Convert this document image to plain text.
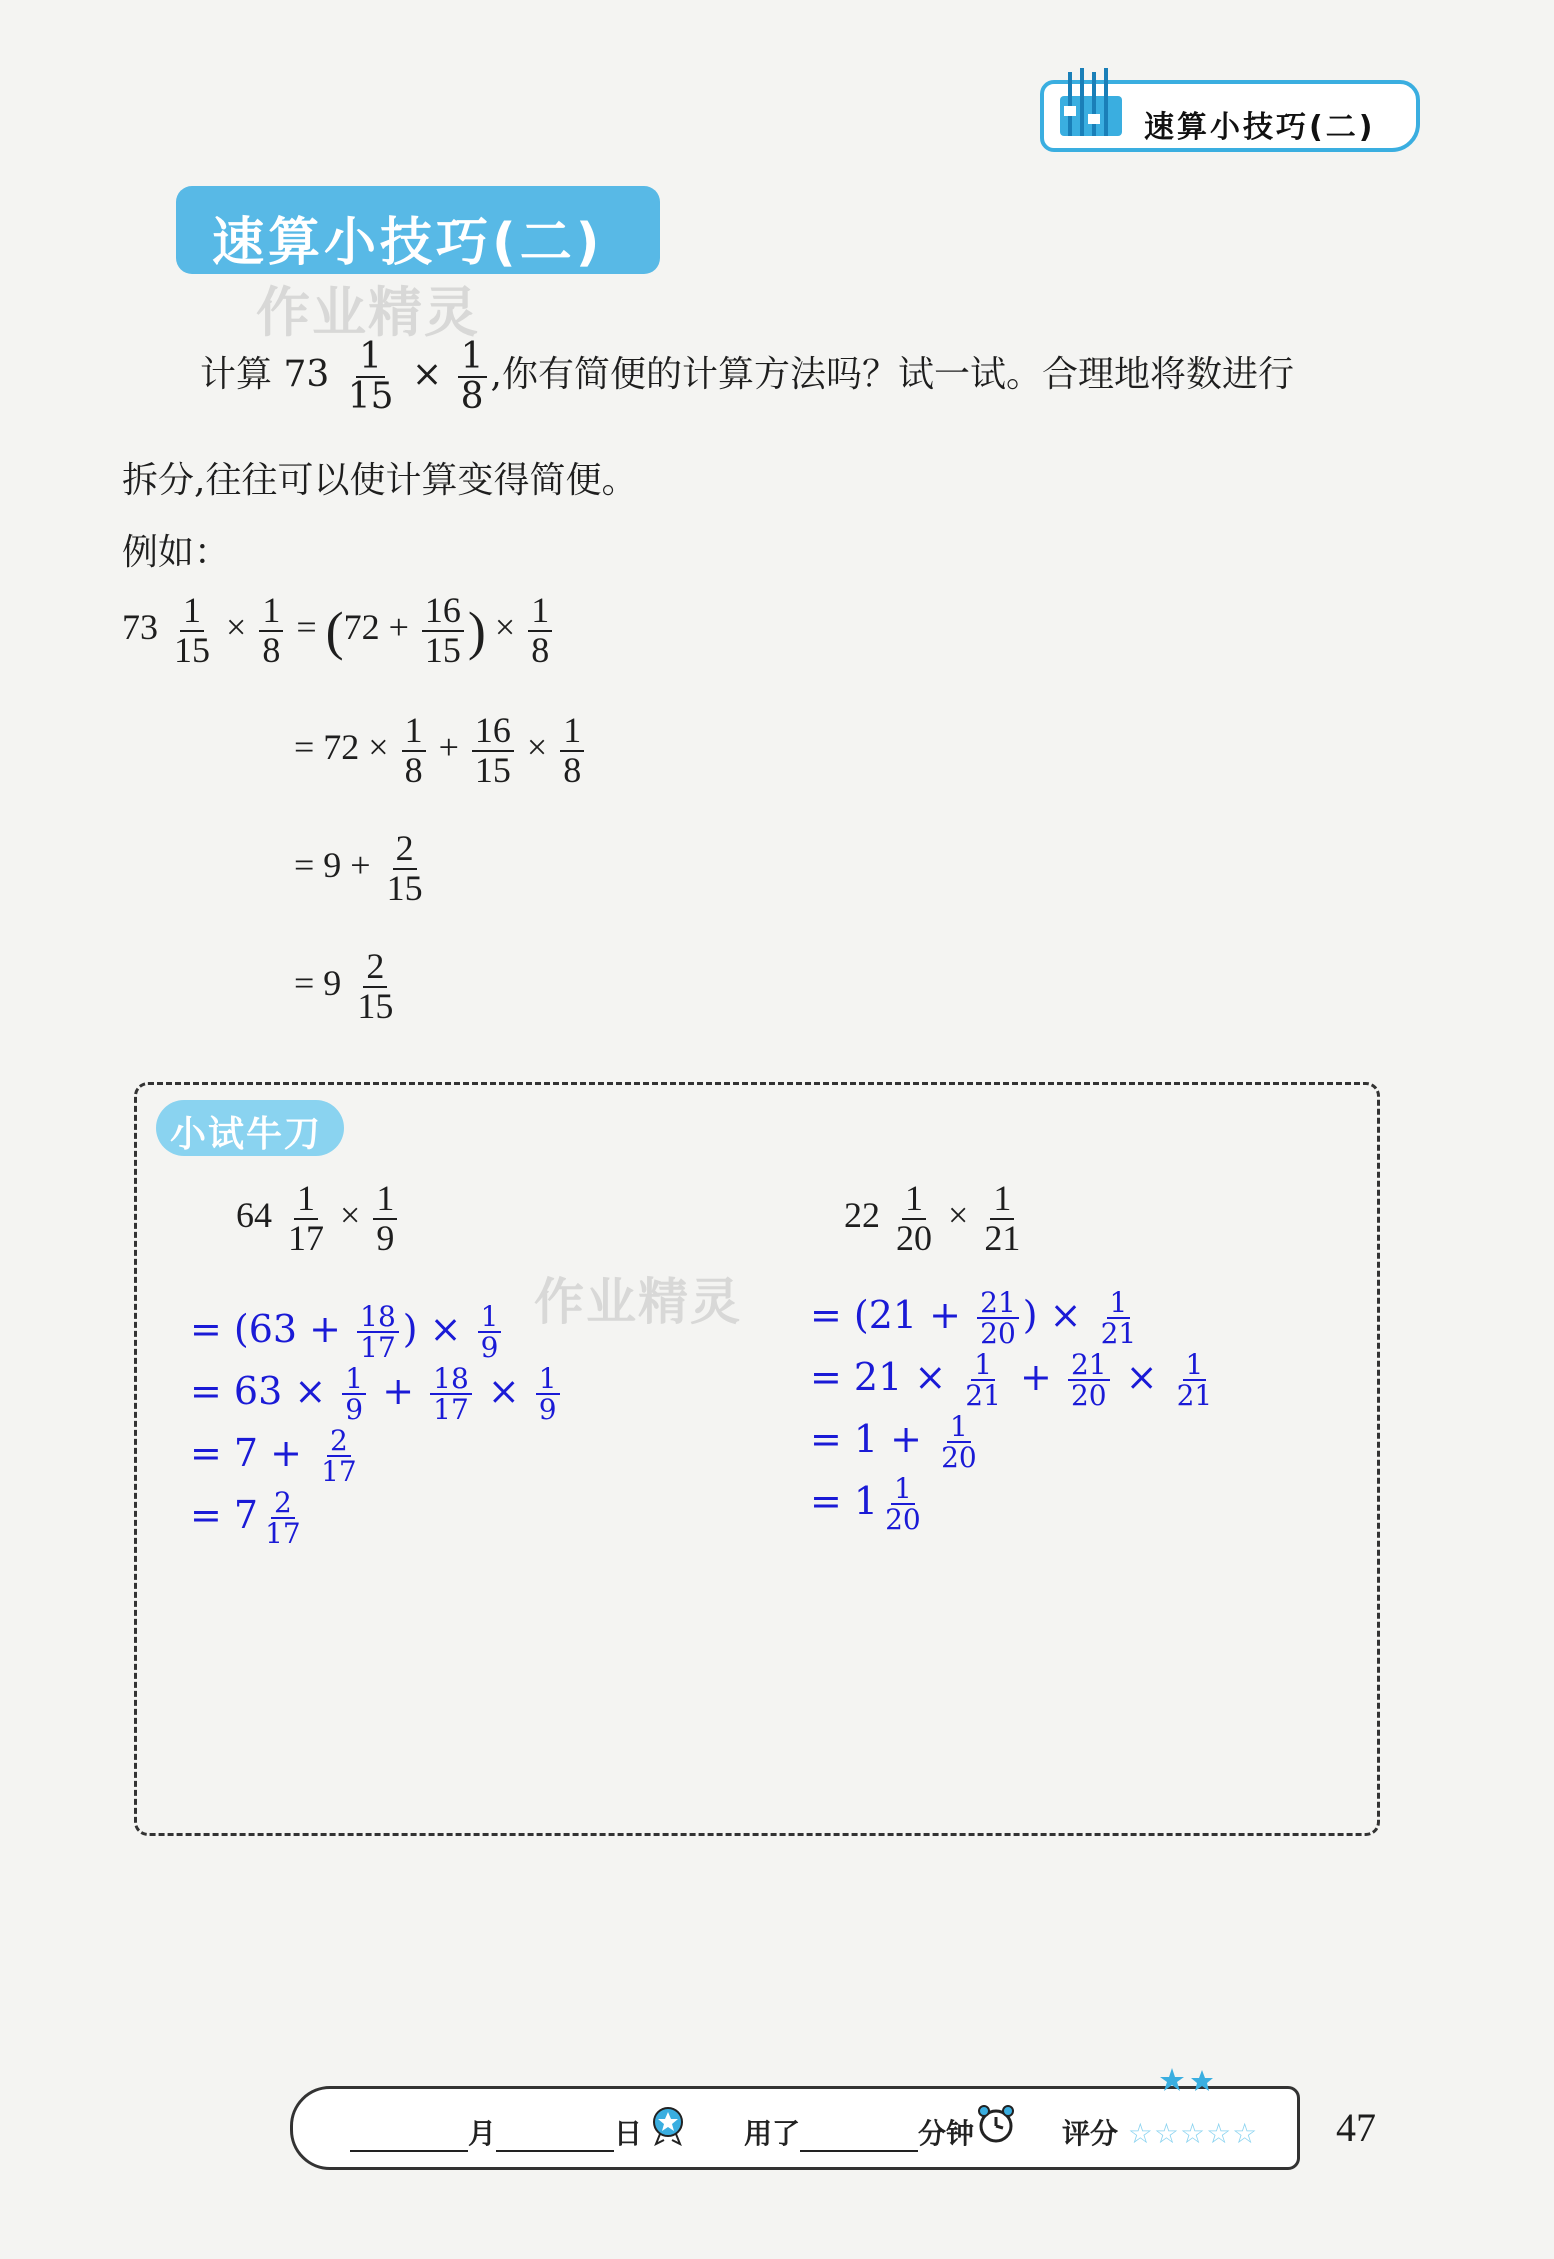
速算小技巧(二)
速算小技巧(二)
作业精灵
计算 $73 \frac{1}{15} \times \frac{1}{8}$ ,你有简便的计算方法吗？试一试。合理地将数进行
拆分,往往可以使计算变得简便。
例如：
$73 \frac{1}{15} \times \frac{1}{8} = (72 + \frac{16}{15}$ ) × $\frac{1}{8}$
= $72 \times \frac{1}{8} + \frac{16}{15} \times \frac{1}{8}$
= $9 + \frac{2}{15}$
= $9 \frac{2}{15}$
小试牛刀
作业精灵
$64 \frac{1}{17} \times \frac{1}{9}$
= ($63 + \frac{18}{17}$ ) × $\frac{1}{9}$
= $63 \times \frac{1}{9} + \frac{18}{17} \times \frac{1}{9}$
= $7 + \frac{2}{17}$
= $7 \frac{2}{17}$
$22 \frac{1}{20} \times \frac{1}{21}$
= ($21 + \frac{21}{20}$ ) × $\frac{1}{21}$
= $21 \times \frac{1}{21} + \frac{21}{20} \times \frac{1}{21}$
= $1 + \frac{1}{20}$
= $1 \frac{1}{20}$
月	日	用了	分钟	评分 ☆☆☆☆☆ 47
